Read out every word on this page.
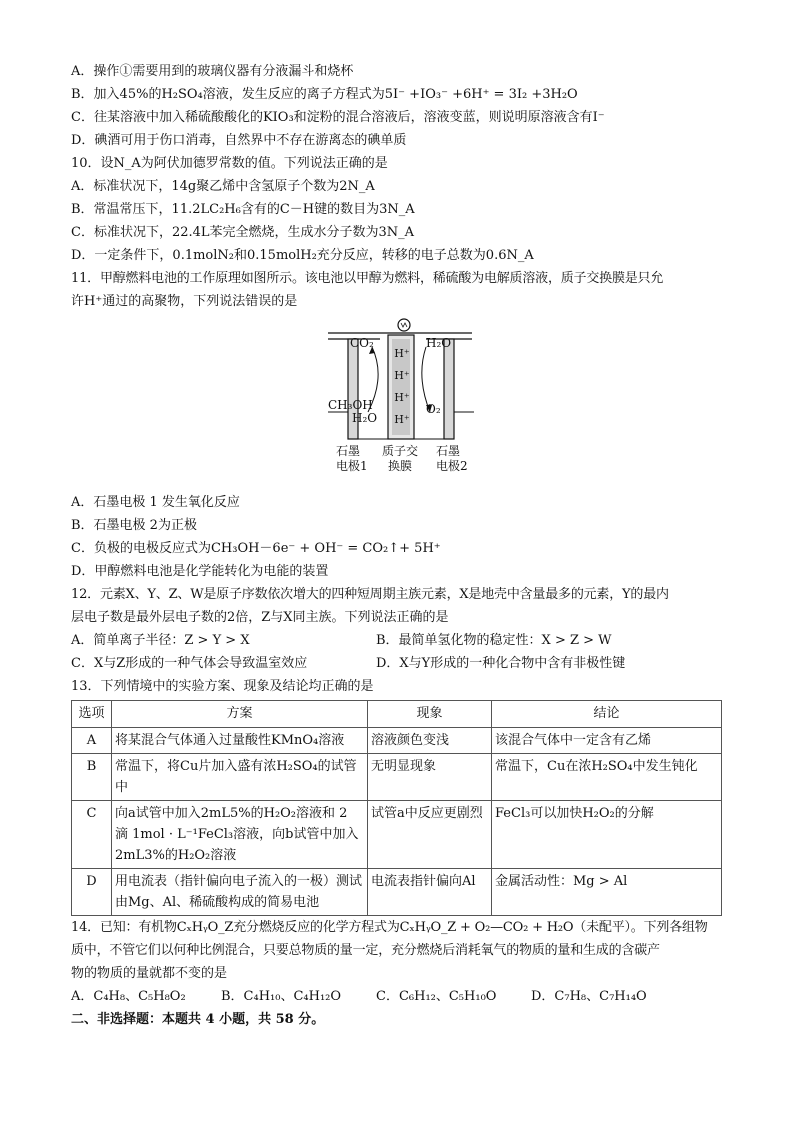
A．操作①需要用到的玻璃仪器有分液漏斗和烧杯
B．加入45%的H₂SO₄溶液，发生反应的离子方程式为5I⁻ +IO₃⁻ +6H⁺ = 3I₂ +3H₂O
C．往某溶液中加入稀硫酸酸化的KIO₃和淀粉的混合溶液后，溶液变蓝，则说明原溶液含有I⁻
D．碘酒可用于伤口消毒，自然界中不存在游离态的碘单质
10．设N_A为阿伏加德罗常数的值。下列说法正确的是
A．标准状况下，14g聚乙烯中含氢原子个数为2N_A
B．常温常压下，11.2LC₂H₆含有的C－H键的数目为3N_A
C．标准状况下，22.4L苯完全燃烧，生成水分子数为3N_A
D．一定条件下，0.1molN₂和0.15molH₂充分反应，转移的电子总数为0.6N_A
11．甲醇燃料电池的工作原理如图所示。该电池以甲醇为燃料，稀硫酸为电解质溶液，质子交换膜是只允
许H⁺通过的高聚物，下列说法错误的是
CO₂	H₂O
CH₃OH
H₂O
O₂
H⁺
H⁺
H⁺
H⁺
石墨
电极1
质子交
换膜
石墨
电极2
A．石墨电极 1 发生氧化反应
B．石墨电极 2为正极
C．负极的电极反应式为CH₃OH－6e⁻ + OH⁻ = CO₂↑+ 5H⁺
D．甲醇燃料电池是化学能转化为电能的装置
12．元素X、Y、Z、W是原子序数依次增大的四种短周期主族元素，X是地壳中含量最多的元素，Y的最内
层电子数是最外层电子数的2倍，Z与X同主族。下列说法正确的是
A．简单离子半径：Z > Y > X	B．最简单氢化物的稳定性：X > Z > W
C．X与Z形成的一种气体会导致温室效应	D．X与Y形成的一种化合物中含有非极性键
13．下列情境中的实验方案、现象及结论均正确的是
选项	方案	现象	结论
A	将某混合气体通入过量酸性KMnO₄溶液	溶液颜色变浅	该混合气体中一定含有乙烯
B	常温下，将Cu片加入盛有浓H₂SO₄的试管中	无明显现象	常温下，Cu在浓H₂SO₄中发生钝化
C	向a试管中加入2mL5%的H₂O₂溶液和 2 滴 1mol · L⁻¹FeCl₃溶液，向b试管中加入2mL3%的H₂O₂溶液	试管a中反应更剧烈	FeCl₃可以加快H₂O₂的分解
D	用电流表（指针偏向电子流入的一极）测试由Mg、Al、稀硫酸构成的简易电池	电流表指针偏向Al	金属活动性：Mg > Al
14．已知：有机物CₓHᵧO_Z充分燃烧反应的化学方程式为CₓHᵧO_Z + O₂—CO₂ + H₂O（未配平）。下列各组物
质中，不管它们以何种比例混合，只要总物质的量一定，充分燃烧后消耗氧气的物质的量和生成的含碳产
物的物质的量就都不变的是
A．C₄H₈、C₅H₈O₂	B．C₄H₁₀、C₄H₁₂O	C．C₆H₁₂、C₅H₁₀O	D．C₇H₈、C₇H₁₄O
二、非选择题：本题共 4 小题，共 58 分。
